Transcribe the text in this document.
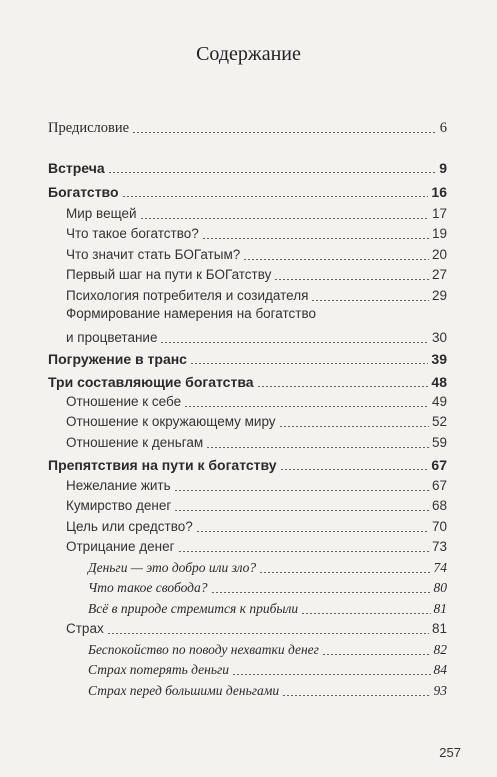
Содержание
Предисловие	6
Встреча	9
Богатство	16
Мир вещей	17
Что такое богатство?	19
Что значит стать БОГатым?	20
Первый шаг на пути к БОГатству	27
Психология потребителя и созидателя	29
Формирование намерения на богатство
и процветание	30
Погружение в транс	39
Три составляющие богатства	48
Отношение к себе	49
Отношение к окружающему миру	52
Отношение к деньгам	59
Препятствия на пути к богатству	67
Нежелание жить	67
Кумирство денег	68
Цель или средство?	70
Отрицание денег	73
Деньги — это добро или зло?	74
Что такое свобода?	80
Всё в природе стремится к прибыли	81
Страх	81
Беспокойство по поводу нехватки денег	82
Страх потерять деньги	84
Страх перед большими деньгами	93
257
